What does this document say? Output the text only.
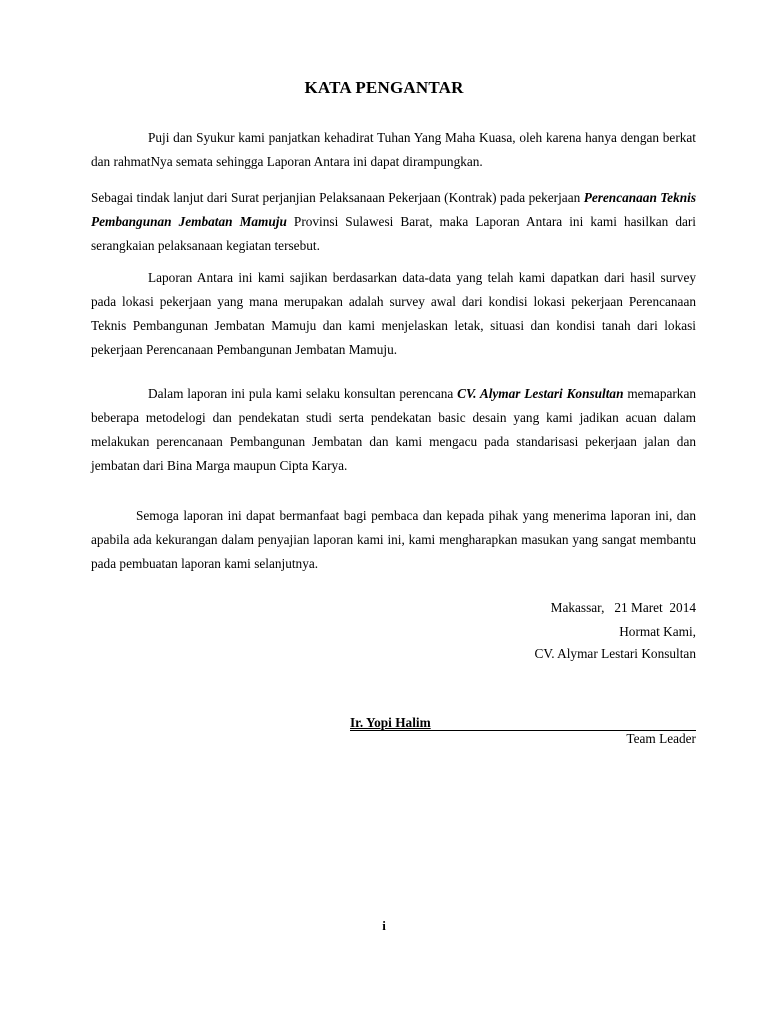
KATA PENGANTAR

Puji dan Syukur kami panjatkan kehadirat Tuhan Yang Maha Kuasa, oleh karena hanya dengan berkat dan rahmatNya semata sehingga Laporan Antara ini dapat dirampungkan.

Sebagai tindak lanjut dari Surat perjanjian Pelaksanaan Pekerjaan (Kontrak) pada pekerjaan Perencanaan Teknis Pembangunan Jembatan Mamuju Provinsi Sulawesi Barat, maka Laporan Antara ini kami hasilkan dari serangkaian pelaksanaan kegiatan tersebut.

Laporan Antara ini kami sajikan berdasarkan data-data yang telah kami dapatkan dari hasil survey pada lokasi pekerjaan yang mana merupakan adalah survey awal dari kondisi lokasi pekerjaan Perencanaan Teknis Pembangunan Jembatan Mamuju dan kami menjelaskan letak, situasi dan kondisi tanah dari lokasi pekerjaan Perencanaan Pembangunan Jembatan Mamuju.

Dalam laporan ini pula kami selaku konsultan perencana CV. Alymar Lestari Konsultan memaparkan beberapa metodelogi dan pendekatan studi serta pendekatan basic desain yang kami jadikan acuan dalam melakukan perencanaan Pembangunan Jembatan dan kami mengacu pada standarisasi pekerjaan jalan dan jembatan dari Bina Marga maupun Cipta Karya.

Semoga laporan ini dapat bermanfaat bagi pembaca dan kepada pihak yang menerima laporan ini, dan apabila ada kekurangan dalam penyajian laporan kami ini, kami mengharapkan masukan yang sangat membantu pada pembuatan laporan kami selanjutnya.

Makassar,   21 Maret  2014
Hormat Kami,
CV. Alymar Lestari Konsultan
Ir. Yopi Halim
Team Leader
i
